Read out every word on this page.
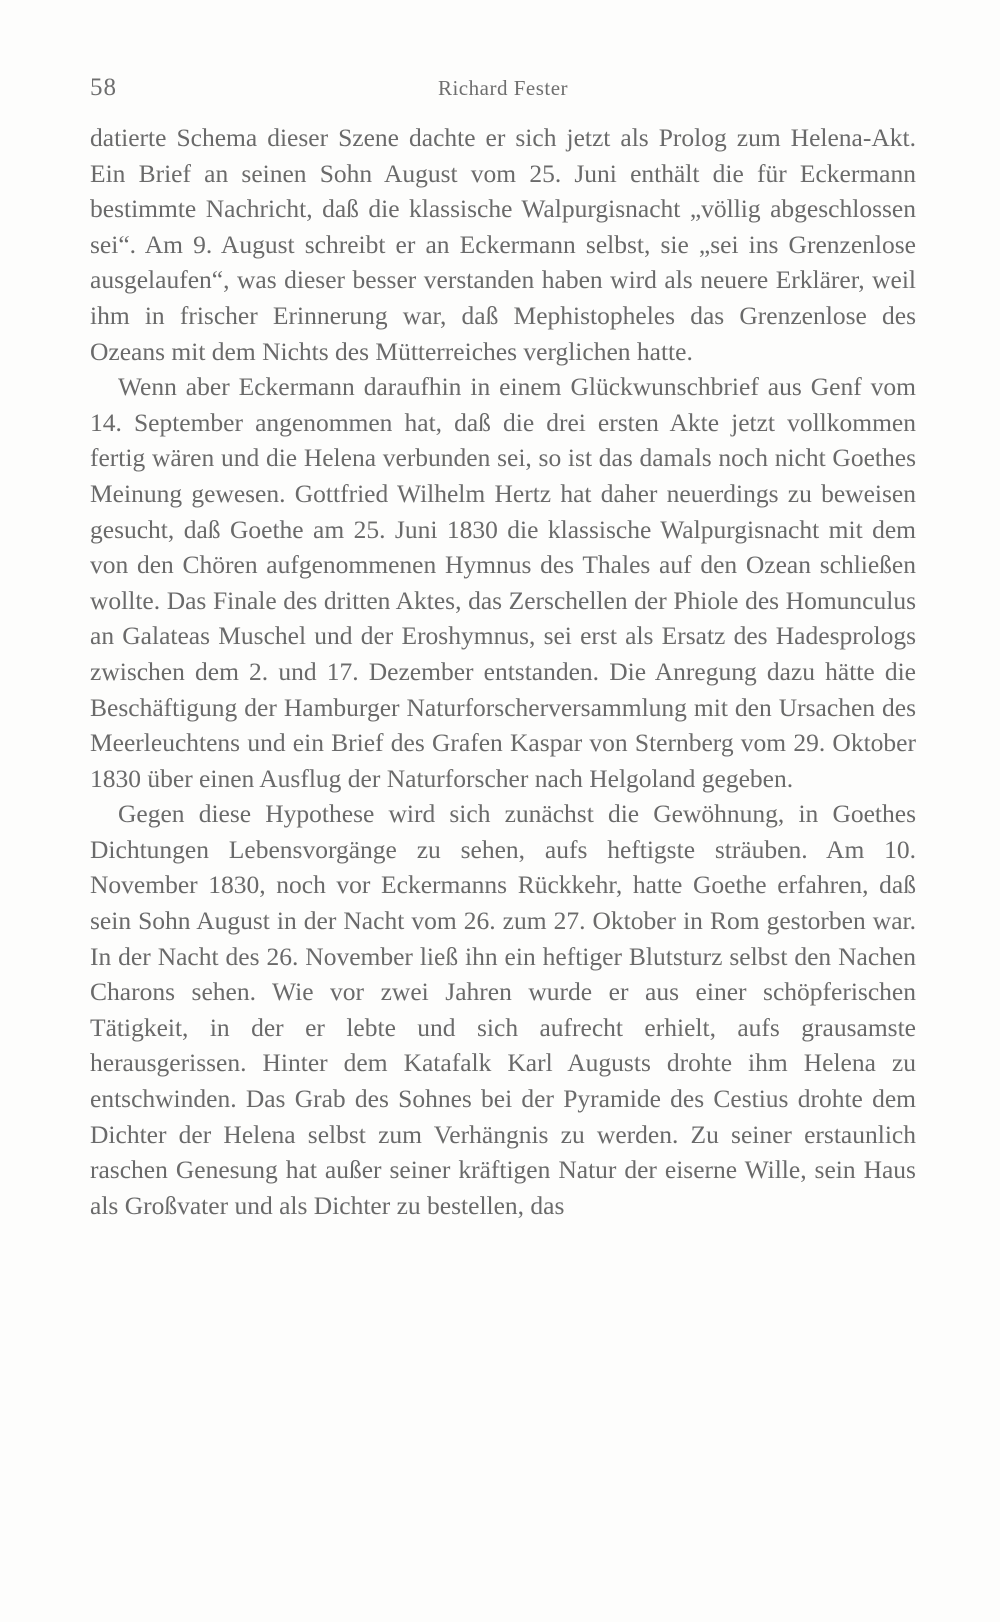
58	Richard Fester

datierte Schema dieser Szene dachte er sich jetzt als Prolog zum Helena-Akt. Ein Brief an seinen Sohn August vom 25. Juni enthält die für Eckermann bestimmte Nachricht, daß die klassische Walpurgisnacht „völlig abgeschlossen sei“. Am 9. August schreibt er an Eckermann selbst, sie „sei ins Grenzenlose ausgelaufen“, was dieser besser verstanden haben wird als neuere Erklärer, weil ihm in frischer Erinnerung war, daß Mephistopheles das Grenzenlose des Ozeans mit dem Nichts des Mütterreiches verglichen hatte.

Wenn aber Eckermann daraufhin in einem Glückwunschbrief aus Genf vom 14. September angenommen hat, daß die drei ersten Akte jetzt vollkommen fertig wären und die Helena verbunden sei, so ist das damals noch nicht Goethes Meinung gewesen. Gottfried Wilhelm Hertz hat daher neuerdings zu beweisen gesucht, daß Goethe am 25. Juni 1830 die klassische Walpurgisnacht mit dem von den Chören aufgenommenen Hymnus des Thales auf den Ozean schließen wollte. Das Finale des dritten Aktes, das Zerschellen der Phiole des Homunculus an Galateas Muschel und der Eroshymnus, sei erst als Ersatz des Hadesprologs zwischen dem 2. und 17. Dezember entstanden. Die Anregung dazu hätte die Beschäftigung der Hamburger Naturforscherversammlung mit den Ursachen des Meerleuchtens und ein Brief des Grafen Kaspar von Sternberg vom 29. Oktober 1830 über einen Ausflug der Naturforscher nach Helgoland gegeben.

Gegen diese Hypothese wird sich zunächst die Gewöhnung, in Goethes Dichtungen Lebensvorgänge zu sehen, aufs heftigste sträuben. Am 10. November 1830, noch vor Eckermanns Rückkehr, hatte Goethe erfahren, daß sein Sohn August in der Nacht vom 26. zum 27. Oktober in Rom gestorben war. In der Nacht des 26. November ließ ihn ein heftiger Blutsturz selbst den Nachen Charons sehen. Wie vor zwei Jahren wurde er aus einer schöpferischen Tätigkeit, in der er lebte und sich aufrecht erhielt, aufs grausamste herausgerissen. Hinter dem Katafalk Karl Augusts drohte ihm Helena zu entschwinden. Das Grab des Sohnes bei der Pyramide des Cestius drohte dem Dichter der Helena selbst zum Verhängnis zu werden. Zu seiner erstaunlich raschen Genesung hat außer seiner kräftigen Natur der eiserne Wille, sein Haus als Großvater und als Dichter zu bestellen, das
